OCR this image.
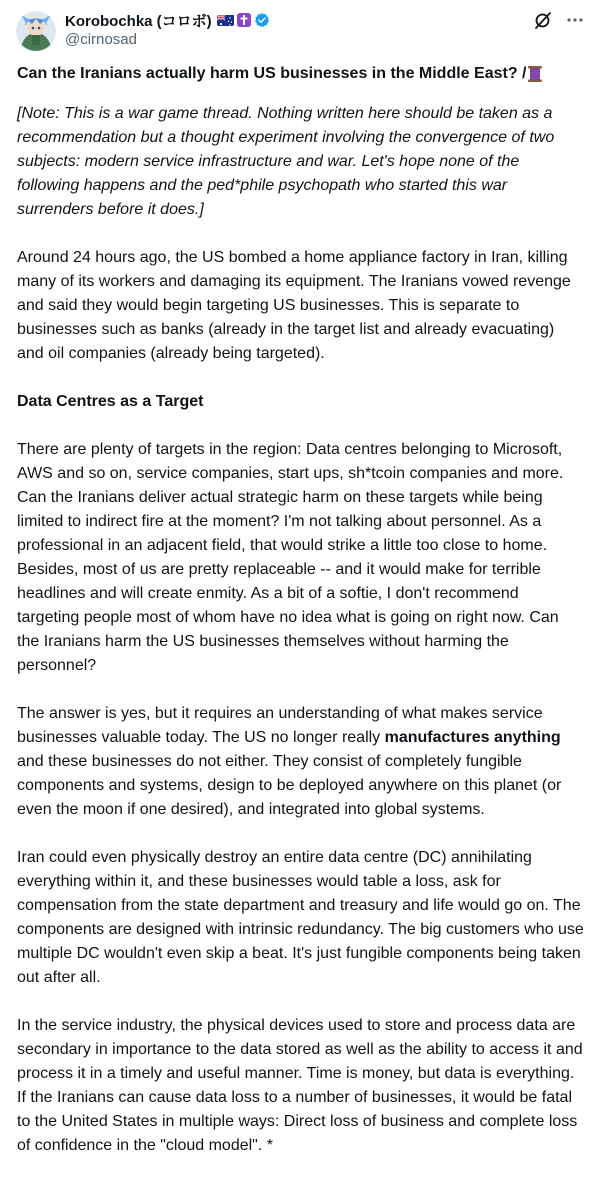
Korobochka (コロボ)
@cirnosad
Can the Iranians actually harm US businesses in the Middle East? /
[Note: This is a war game thread. Nothing written here should be taken as a recommendation but a thought experiment involving the convergence of two subjects: modern service infrastructure and war. Let's hope none of the following happens and the ped*phile psychopath who started this war surrenders before it does.]

Around 24 hours ago, the US bombed a home appliance factory in Iran, killing many of its workers and damaging its equipment. The Iranians vowed revenge and said they would begin targeting US businesses. This is separate to businesses such as banks (already in the target list and already evacuating) and oil companies (already being targeted).

Data Centres as a Target

There are plenty of targets in the region: Data centres belonging to Microsoft, AWS and so on, service companies, start ups, sh*tcoin companies and more. Can the Iranians deliver actual strategic harm on these targets while being limited to indirect fire at the moment? I'm not talking about personnel. As a professional in an adjacent field, that would strike a little too close to home. Besides, most of us are pretty replaceable -- and it would make for terrible headlines and will create enmity. As a bit of a softie, I don't recommend targeting people most of whom have no idea what is going on right now. Can the Iranians harm the US businesses themselves without harming the personnel?

The answer is yes, but it requires an understanding of what makes service businesses valuable today. The US no longer really manufactures anything and these businesses do not either. They consist of completely fungible components and systems, design to be deployed anywhere on this planet (or even the moon if one desired), and integrated into global systems.

Iran could even physically destroy an entire data centre (DC) annihilating everything within it, and these businesses would table a loss, ask for compensation from the state department and treasury and life would go on. The components are designed with intrinsic redundancy. The big customers who use multiple DC wouldn't even skip a beat. It's just fungible components being taken out after all.

In the service industry, the physical devices used to store and process data are secondary in importance to the data stored as well as the ability to access it and process it in a timely and useful manner. Time is money, but data is everything. If the Iranians can cause data loss to a number of businesses, it would be fatal to the United States in multiple ways: Direct loss of business and complete loss of confidence in the "cloud model". *
